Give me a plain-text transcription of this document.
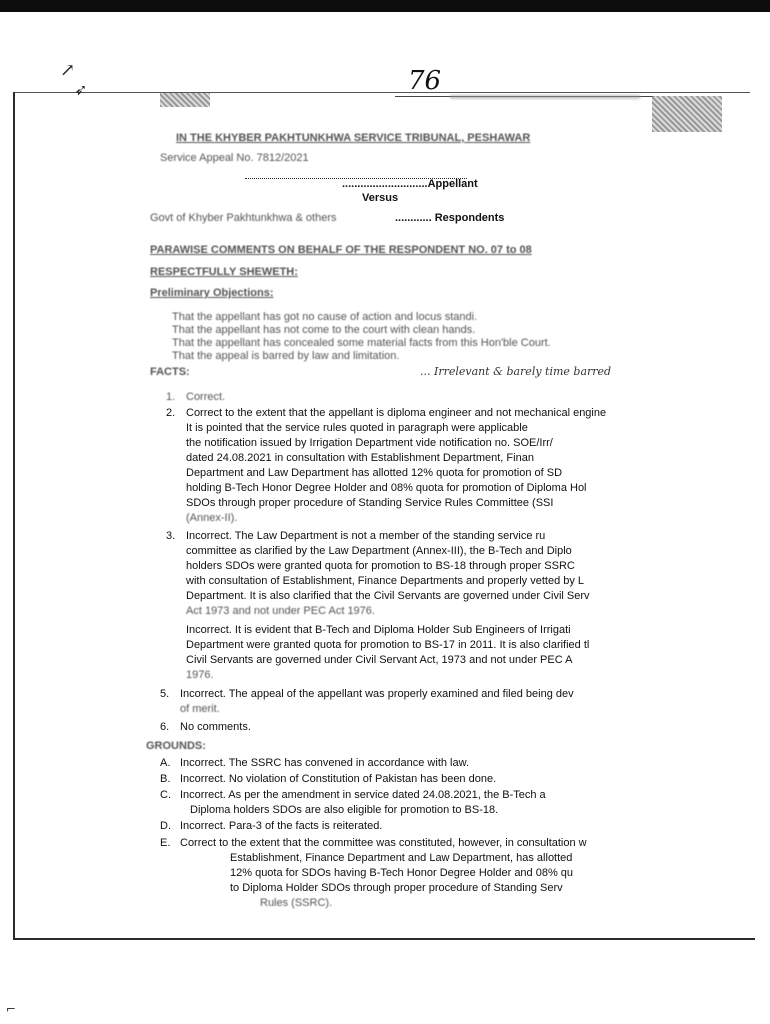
↗
➶
⌐
76
IN THE KHYBER PAKHTUNKHWA SERVICE TRIBUNAL, PESHAWAR
Service Appeal No. 7812/2021
............................Appellant
Versus
Govt of Khyber Pakhtunkhwa & others	............ Respondents
PARAWISE COMMENTS ON BEHALF OF THE RESPONDENT NO. 07 to 08
RESPECTFULLY SHEWETH:
Preliminary Objections:
That the appellant has got no cause of action and locus standi.
That the appellant has not come to the court with clean hands.
That the appellant has concealed some material facts from this Hon'ble Court.
That the appeal is barred by law and limitation.
FACTS:	... Irrelevant & barely time barred
1. Correct.
2. Correct to the extent that the appellant is diploma engineer and not mechanical engine
It is pointed that the service rules quoted in paragraph were applicable
the notification issued by Irrigation Department vide notification no. SOE/Irr/
dated 24.08.2021 in consultation with Establishment Department, Finan
Department and Law Department has allotted 12% quota for promotion of SD
holding B-Tech Honor Degree Holder and 08% quota for promotion of Diploma Hol
SDOs through proper procedure of Standing Service Rules Committee (SSI
(Annex-II).
3. Incorrect. The Law Department is not a member of the standing service ru
committee as clarified by the Law Department (Annex-III), the B-Tech and Diplo
holders SDOs were granted quota for promotion to BS-18 through proper SSRC
with consultation of Establishment, Finance Departments and properly vetted by L
Department. It is also clarified that the Civil Servants are governed under Civil Serv
Act 1973 and not under PEC Act 1976.
Incorrect. It is evident that B-Tech and Diploma Holder Sub Engineers of Irrigati
Department were granted quota for promotion to BS-17 in 2011. It is also clarified tl
Civil Servants are governed under Civil Servant Act, 1973 and not under PEC A
1976.
5. Incorrect. The appeal of the appellant was properly examined and filed being dev
of merit.
6. No comments.
GROUNDS:
A. Incorrect. The SSRC has convened in accordance with law.
B. Incorrect. No violation of Constitution of Pakistan has been done.
C. Incorrect. As per the amendment in service dated 24.08.2021, the B-Tech a
Diploma holders SDOs are also eligible for promotion to BS-18.
D. Incorrect. Para-3 of the facts is reiterated.
E. Correct to the extent that the committee was constituted, however, in consultation w
Establishment, Finance Department and Law Department, has allotted
12% quota for SDOs having B-Tech Honor Degree Holder and 08% qu
to Diploma Holder SDOs through proper procedure of Standing Serv
Rules (SSRC).
